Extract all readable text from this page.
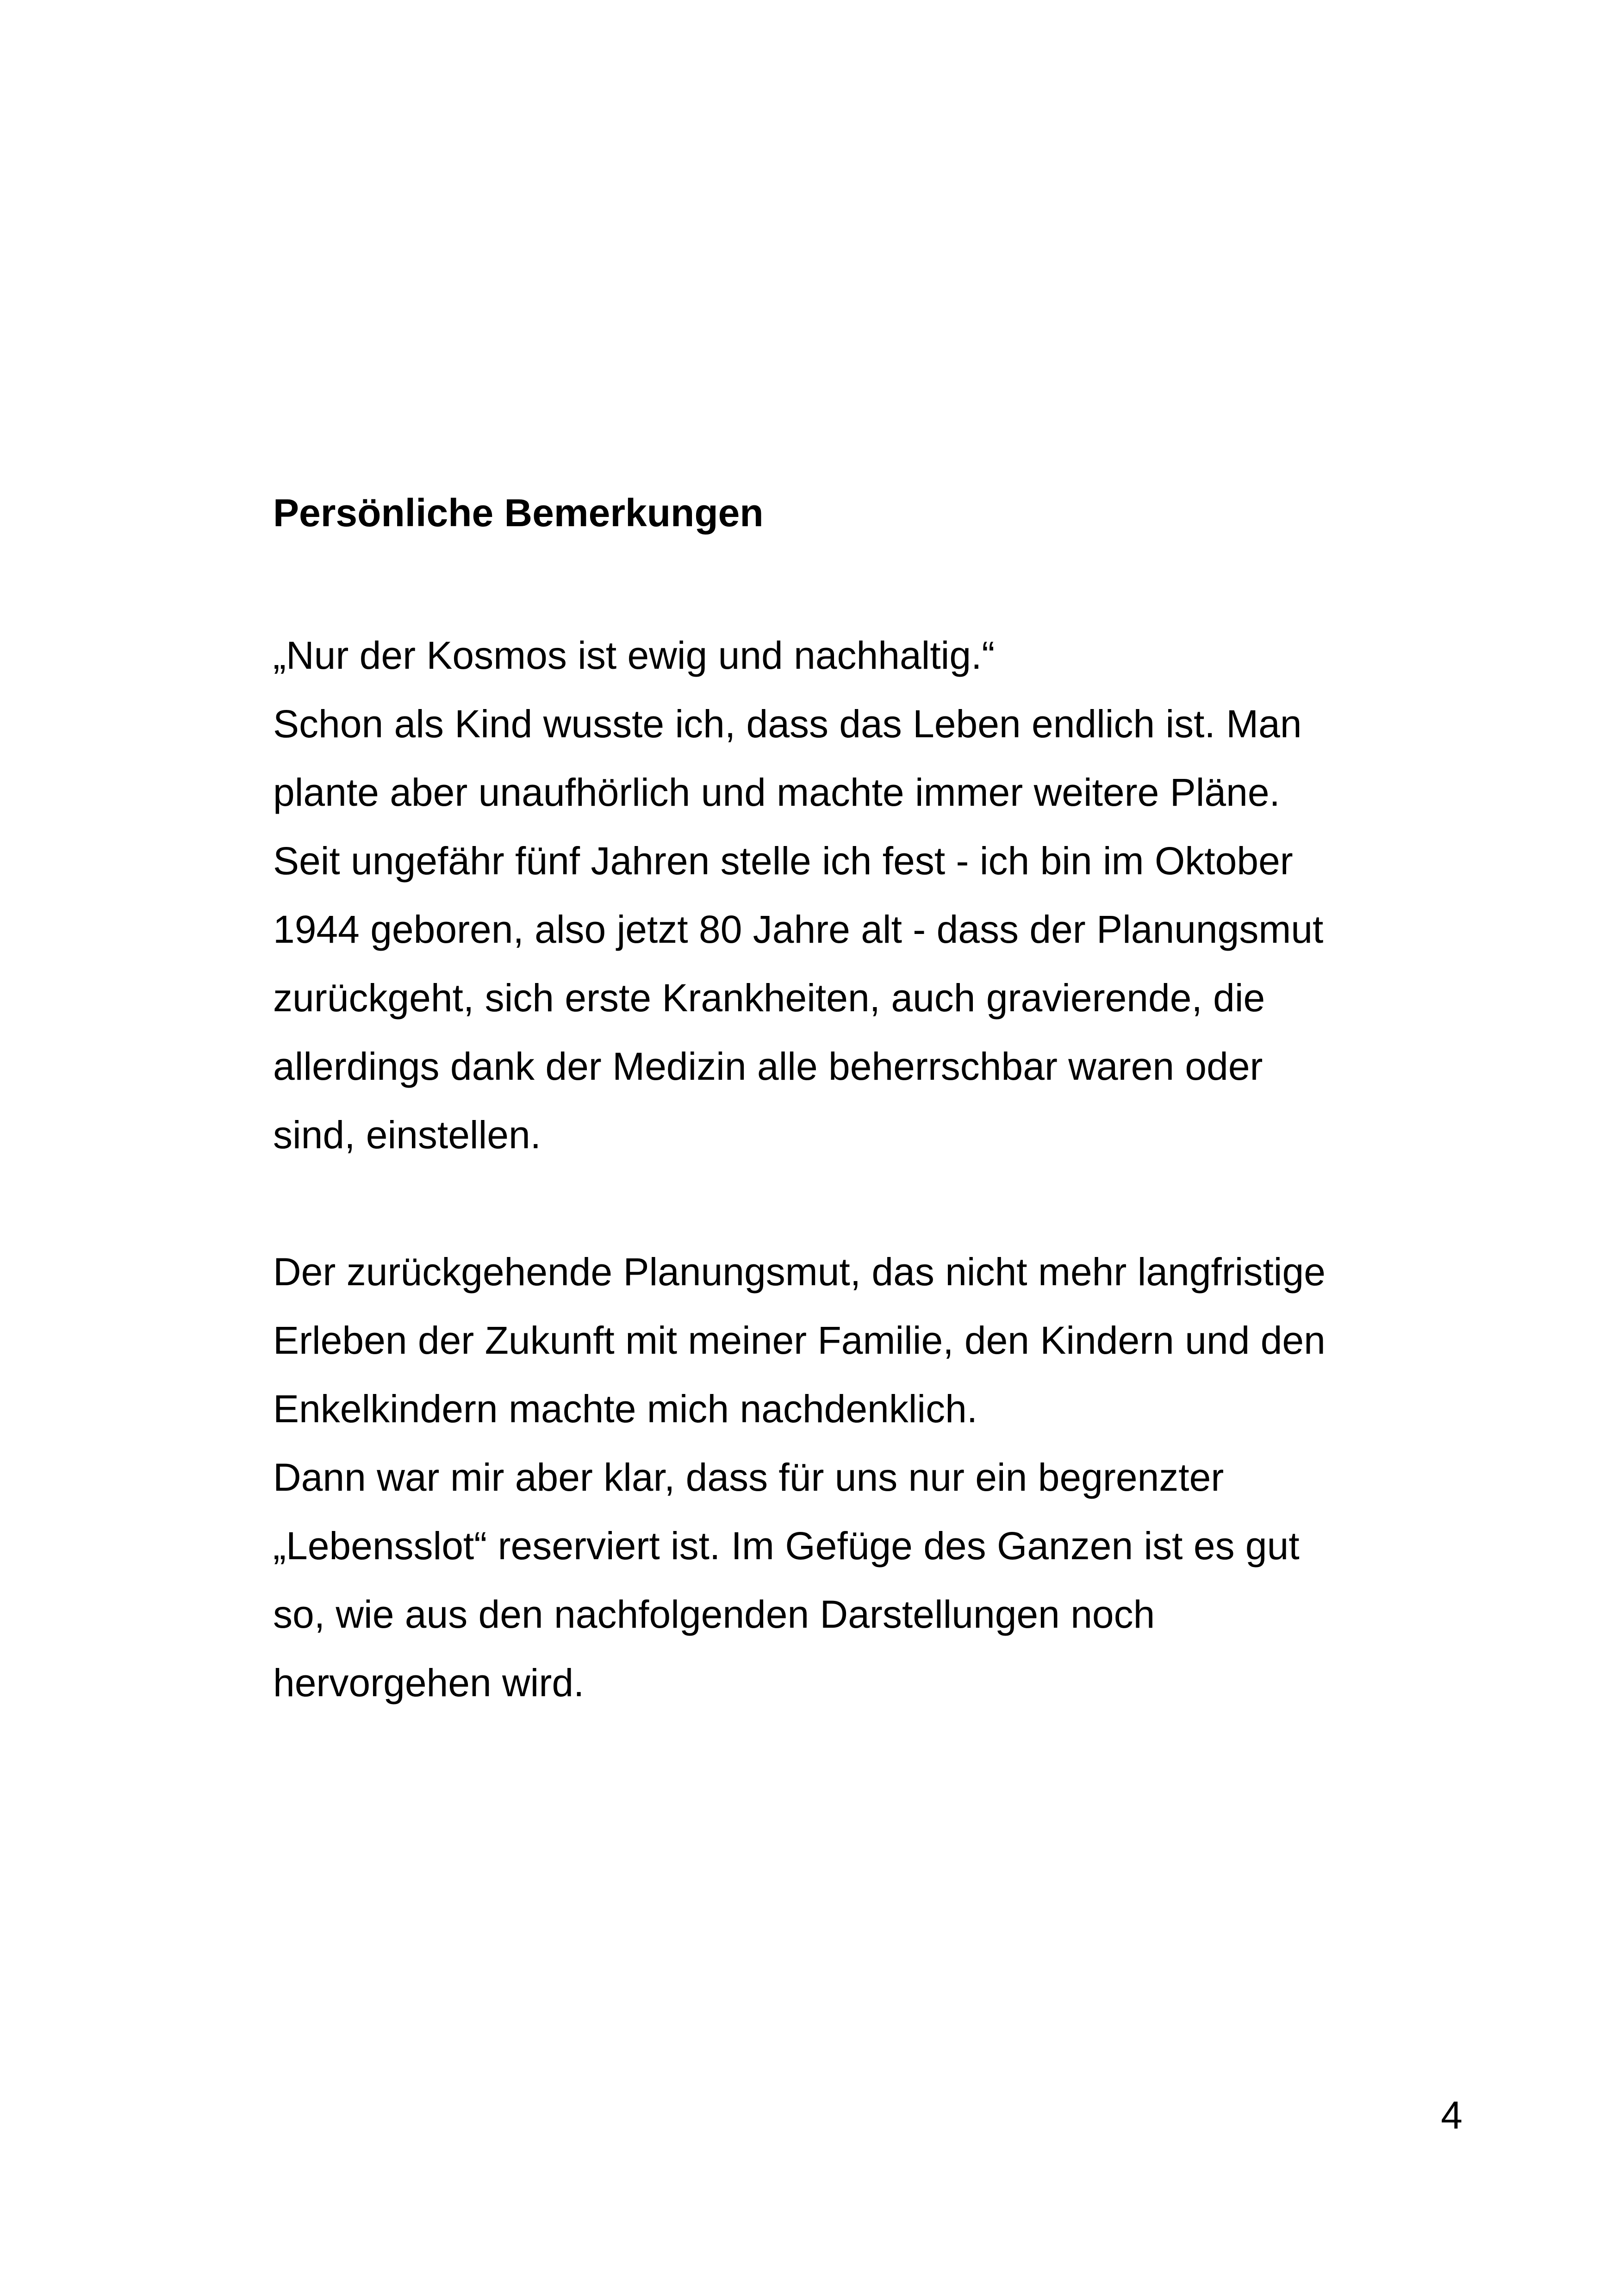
Persönliche Bemerkungen
„Nur der Kosmos ist ewig und nachhaltig.“
Schon als Kind wusste ich, dass das Leben endlich ist. Man
plante aber unaufhörlich und machte immer weitere Pläne.
Seit ungefähr fünf Jahren stelle ich fest - ich bin im Oktober
1944 geboren, also jetzt 80 Jahre alt - dass der Planungsmut
zurückgeht, sich erste Krankheiten, auch gravierende, die
allerdings dank der Medizin alle beherrschbar waren oder
sind, einstellen.
Der zurückgehende Planungsmut, das nicht mehr langfristige
Erleben der Zukunft mit meiner Familie, den Kindern und den
Enkelkindern machte mich nachdenklich.
Dann war mir aber klar, dass für uns nur ein begrenzter
„Lebensslot“ reserviert ist. Im Gefüge des Ganzen ist es gut
so, wie aus den nachfolgenden Darstellungen noch
hervorgehen wird.
4
